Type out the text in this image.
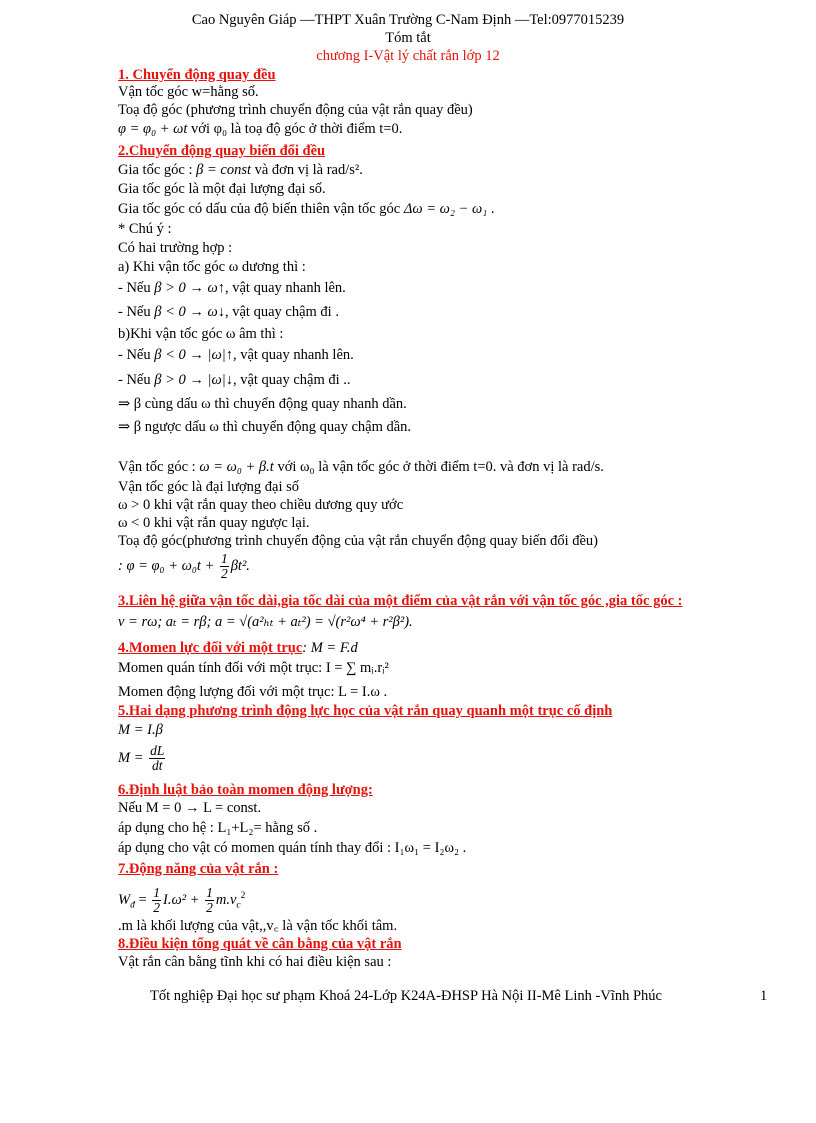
Cao Nguyên Giáp —THPT Xuân Trường C-Nam Định —Tel:0977015239
Tóm tắt
chương I-Vật lý chất rắn lớp 12
1. Chuyển động quay đều
Vận tốc góc w=hằng số.
Toạ độ góc (phương trình chuyển động của vật rắn quay đều)
φ = φ₀ + ωt với φ₀ là toạ độ góc ở thời điểm t=0.
2.Chuyển động quay biến đổi đều
Gia tốc góc : β = const và đơn vị là rad/s².
Gia tốc góc là một đại lượng đại số.
Gia tốc góc có dấu của độ biến thiên vận tốc góc Δω = ω₂ − ω₁ .
* Chú ý :
Có hai trường hợp :
a) Khi vận tốc góc ω dương thì :
- Nếu β > 0 → ω↑, vật quay nhanh lên.
- Nếu β < 0 → ω↓, vật quay chậm đi .
b)Khi vận tốc góc ω âm thì :
- Nếu β < 0 → |ω|↑, vật quay nhanh lên.
- Nếu β > 0 → |ω|↓, vật quay chậm đi ..
⇒ β cùng dấu ω thì chuyển động quay nhanh dần.
⇒ β ngược dấu ω thì chuyển động quay chậm dần.
Vận tốc góc : ω = ω₀ + β.t với ω₀ là vận tốc góc ở thời điểm t=0. và đơn vị là rad/s.
Vận tốc góc là đại lượng đại số
ω > 0 khi vật rắn quay theo chiều dương quy ước
ω < 0 khi vật rắn quay ngược lại.
Toạ độ góc(phương trình chuyển động của vật rắn chuyển động quay biến đổi đều)
: $\varphi = \varphi_0 + \omega_0t + \frac{1}{2} \beta t^2$.
3.Liên hệ giữa vận tốc dài,gia tốc dài của một điểm của vật rắn với vận tốc góc ,gia tốc góc :
v = rω; aₜ = rβ; a = √(a²ₕₜ + aₜ²) = √(r²ω⁴ + r²β²).
4.Momen lực đối với một trục: M = F.d
Momen quán tính đối với một trục: I = ∑ mᵢ.rᵢ²
Momen động lượng đối với một trục: L = I.ω .
5.Hai dạng phương trình động lực học của vật rắn quay quanh một trục cố định
M = I.β
$M = \frac{dL}{dt}$
6.Định luật bảo toàn momen động lượng:
Nếu M = 0 → L = const.
áp dụng cho hệ : L₁+L₂= hằng số .
áp dụng cho vật có momen quán tính thay đổi : I₁ω₁ = I₂ω₂ .
7.Động năng của vật rắn :
$W_đ = \frac{1}{2} I.\omega^2 + \frac{1}{2} m.v_c^2$
.m là khối lượng của vật,,v꜀ là vận tốc khối tâm.
8.Điều kiện tổng quát về cân bằng của vật rắn
Vật rắn cân bằng tĩnh khi có hai điều kiện sau :
Tốt nghiệp Đại học sư phạm Khoá 24-Lớp K24A-ĐHSP Hà Nội II-Mê Linh -Vĩnh Phúc	1
